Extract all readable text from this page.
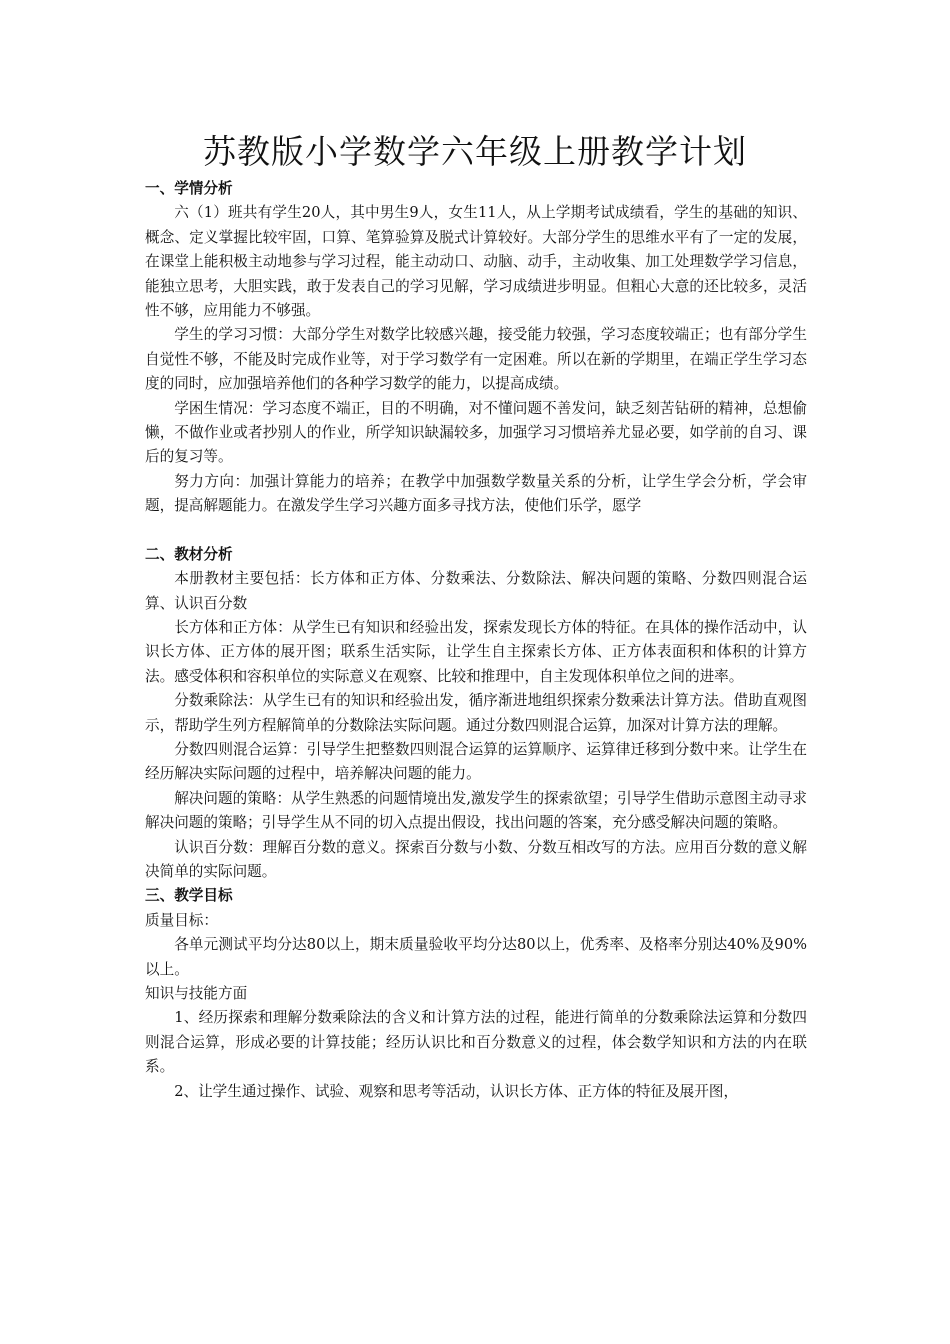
苏教版小学数学六年级上册教学计划
一、学情分析

六（1）班共有学生20人，其中男生9人，女生11人，从上学期考试成绩看，学生的基础的知识、概念、定义掌握比较牢固，口算、笔算验算及脱式计算较好。大部分学生的思维水平有了一定的发展，在课堂上能积极主动地参与学习过程，能主动动口、动脑、动手，主动收集、加工处理数学学习信息，能独立思考，大胆实践，敢于发表自己的学习见解，学习成绩进步明显。但粗心大意的还比较多，灵活性不够，应用能力不够强。

学生的学习习惯：大部分学生对数学比较感兴趣，接受能力较强，学习态度较端正；也有部分学生自觉性不够，不能及时完成作业等，对于学习数学有一定困难。所以在新的学期里，在端正学生学习态度的同时，应加强培养他们的各种学习数学的能力，以提高成绩。

学困生情况：学习态度不端正，目的不明确，对不懂问题不善发问，缺乏刻苦钻研的精神，总想偷懒，不做作业或者抄别人的作业，所学知识缺漏较多，加强学习习惯培养尤显必要，如学前的自习、课后的复习等。

努力方向：加强计算能力的培养；在教学中加强数学数量关系的分析，让学生学会分析，学会审题，提高解题能力。在激发学生学习兴趣方面多寻找方法，使他们乐学，愿学

二、教材分析

本册教材主要包括：长方体和正方体、分数乘法、分数除法、解决问题的策略、分数四则混合运算、认识百分数

长方体和正方体：从学生已有知识和经验出发，探索发现长方体的特征。在具体的操作活动中，认识长方体、正方体的展开图；联系生活实际，让学生自主探索长方体、正方体表面积和体积的计算方法。感受体积和容积单位的实际意义在观察、比较和推理中，自主发现体积单位之间的进率。

分数乘除法：从学生已有的知识和经验出发，循序渐进地组织探索分数乘法计算方法。借助直观图示，帮助学生列方程解简单的分数除法实际问题。通过分数四则混合运算，加深对计算方法的理解。

分数四则混合运算：引导学生把整数四则混合运算的运算顺序、运算律迁移到分数中来。让学生在经历解决实际问题的过程中，培养解决问题的能力。

解决问题的策略：从学生熟悉的问题情境出发,激发学生的探索欲望；引导学生借助示意图主动寻求解决问题的策略；引导学生从不同的切入点提出假设，找出问题的答案，充分感受解决问题的策略。

认识百分数：理解百分数的意义。探索百分数与小数、分数互相改写的方法。应用百分数的意义解决简单的实际问题。

三、教学目标

质量目标：

各单元测试平均分达80以上，期末质量验收平均分达80以上，优秀率、及格率分别达40%及90%以上。

知识与技能方面

1、经历探索和理解分数乘除法的含义和计算方法的过程，能进行简单的分数乘除法运算和分数四则混合运算，形成必要的计算技能；经历认识比和百分数意义的过程，体会数学知识和方法的内在联系。

2、让学生通过操作、试验、观察和思考等活动，认识长方体、正方体的特征及展开图，
